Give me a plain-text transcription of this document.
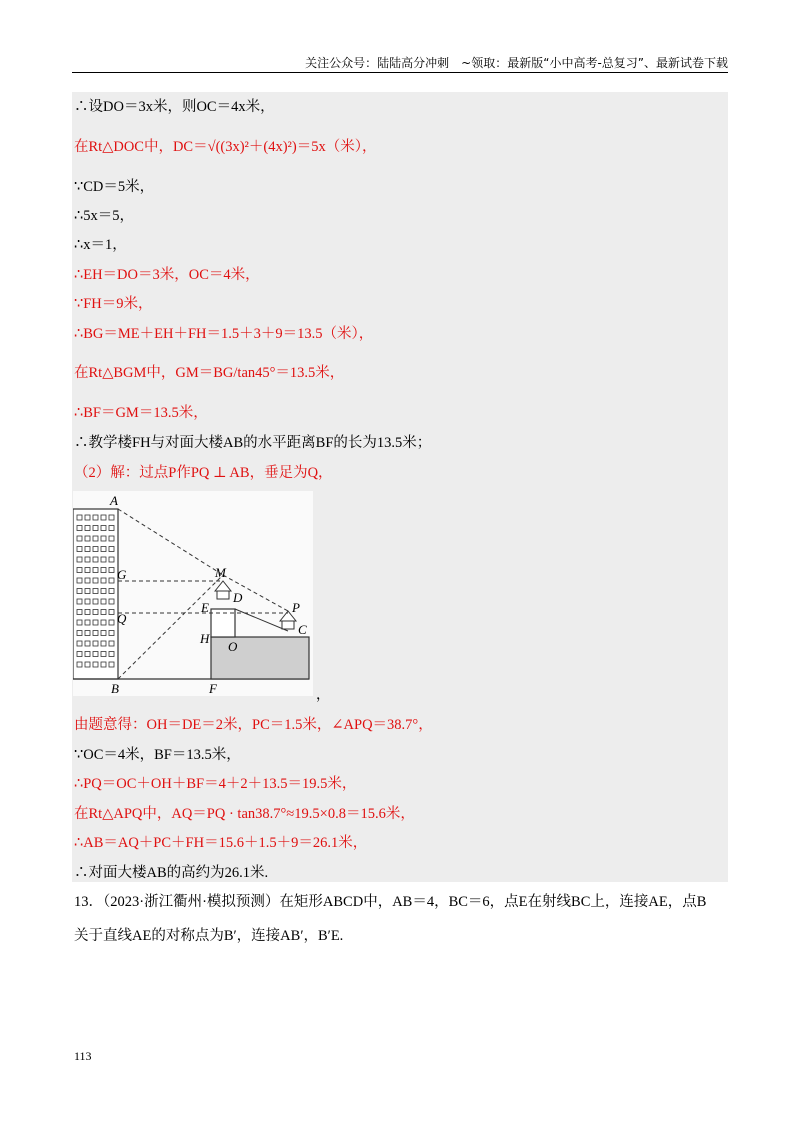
关注公众号：陆陆高分冲刺　~领取：最新版“小中高考-总复习”、最新试卷下载
∴设DO＝3x米，则OC＝4x米，
在Rt△DOC中，DC＝√((3x)²＋(4x)²)＝5x（米），
∵CD＝5米，
∴5x＝5，
∴x＝1，
∴EH＝DO＝3米，OC＝4米，
∵FH＝9米，
∴BG＝ME＋EH＋FH＝1.5＋3＋9＝13.5（米），
在Rt△BGM中，GM＝BG/tan45°＝13.5米，
∴BF＝GM＝13.5米，
∴教学楼FH与对面大楼AB的水平距离BF的长为13.5米；
（2）解：过点P作PQ ⊥ AB，垂足为Q，
A
G	M
D
E	P
Q
H
C
O
B	F	，
由题意得：OH＝DE＝2米，PC＝1.5米，∠APQ＝38.7°，
∵OC＝4米，BF＝13.5米，
∴PQ＝OC＋OH＋BF＝4＋2＋13.5＝19.5米，
在Rt△APQ中，AQ＝PQ · tan38.7°≈19.5×0.8＝15.6米，
∴AB＝AQ＋PC＋FH＝15.6＋1.5＋9＝26.1米，
∴对面大楼AB的高约为26.1米.
13．（2023·浙江衢州·模拟预测）在矩形ABCD中，AB＝4，BC＝6，点E在射线BC上，连接AE，点B
关于直线AE的对称点为B′，连接AB′，B′E.
113
